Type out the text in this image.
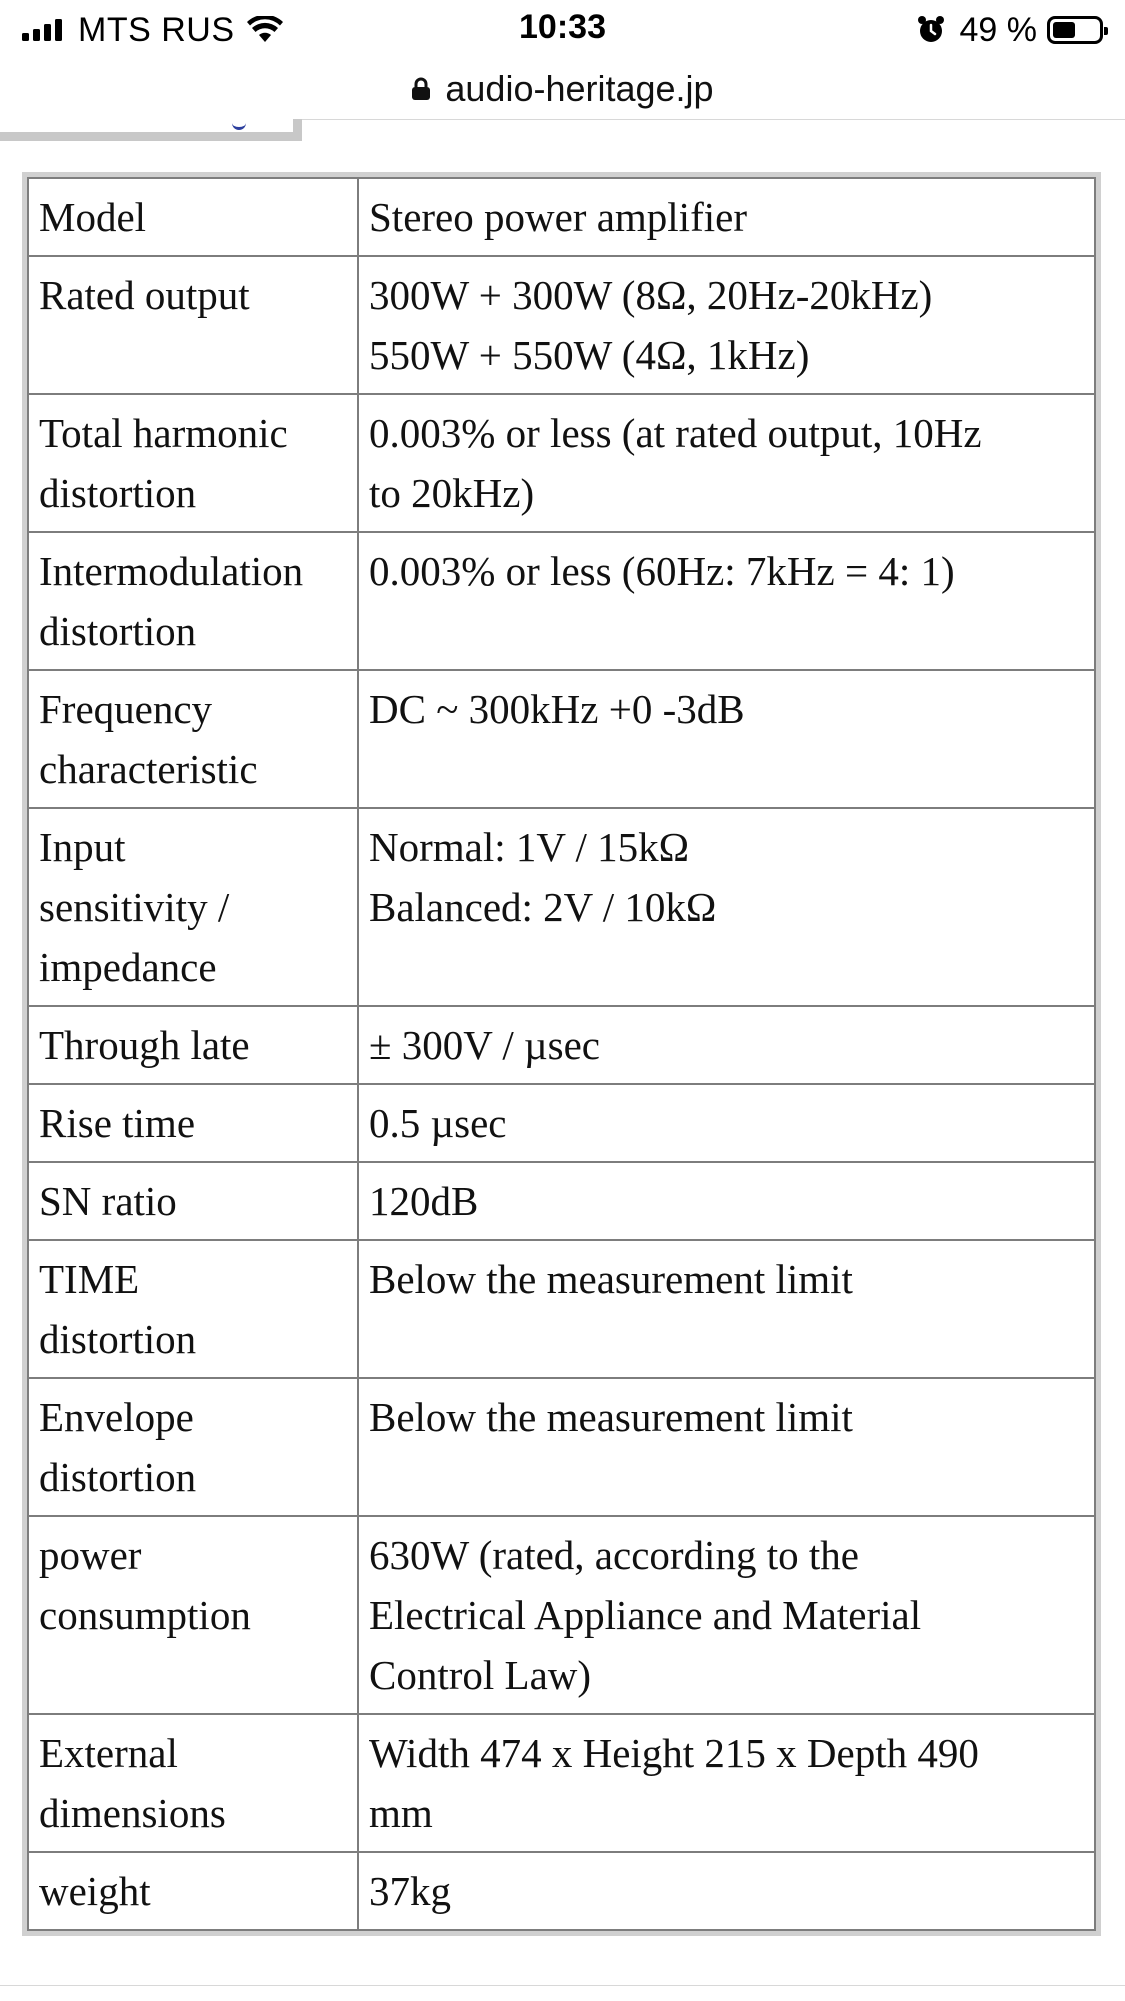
MTS RUS	10:33	49 %
audio-heritage.jp
Model	Stereo power amplifier

Rated output	300W + 300W (8Ω, 20Hz-20kHz)
550W + 550W (4Ω, 1kHz)

Total harmonic
distortion	0.003% or less (at rated output, 10Hz
to 20kHz)

Intermodulation
distortion	0.003% or less (60Hz: 7kHz = 4: 1)

Frequency
characteristic	DC ~ 300kHz +0 -3dB

Input
sensitivity /
impedance	Normal: 1V / 15kΩ
Balanced: 2V / 10kΩ

Through late	± 300V / µsec

Rise time	0.5 µsec

SN ratio	120dB

TIME
distortion	Below the measurement limit

Envelope
distortion	Below the measurement limit

power
consumption	630W (rated, according to the
Electrical Appliance and Material
Control Law)

External
dimensions	Width 474 x Height 215 x Depth 490
mm

weight	37kg
